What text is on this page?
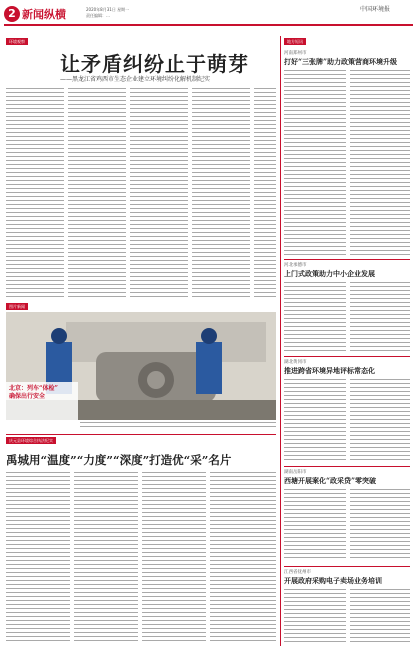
2 新闻纵横	2020年8月31日 星期一
责任编辑：…
中国环境报
环境观察
让矛盾纠纷止于萌芽
——黑龙江省鸡西市生态企业建立环境纠纷化解机制纪实
图片新闻
北京：列车“体检”
确保出行安全
庆元县环境综合执法纪实
禹城用“温度”“力度”“深度”打造优“采”名片
地方短讯
河南郑州市
打好“三张牌”助力政策营商环境升级
河北承德市
上门式政策助力中小企业发展
湖北黄冈市
推进跨省环境异地评标常态化
湖南岳阳市
西塘开展案化“政采贷”零突破
江西省抚州市
开展政府采购电子卖场业务培训
